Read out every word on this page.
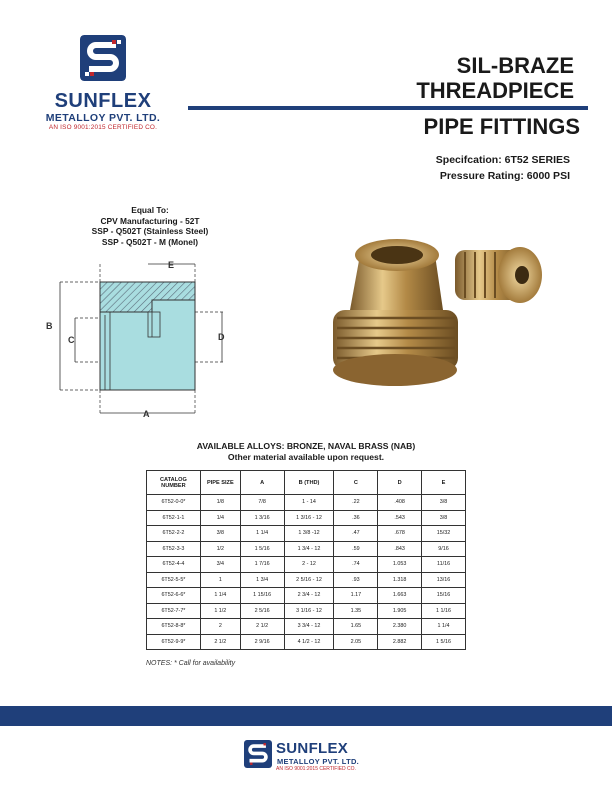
SUNFLEX
METALLOY PVT. LTD.
AN ISO 9001:2015 CERTIFIED CO.
SIL-BRAZE
THREADPIECE
PIPE FITTINGS
Specifcation: 6T52 SERIES
Pressure Rating: 6000 PSI
Equal To:
CPV Manufacturing - 52T
SSP - Q502T (Stainless Steel)
SSP - Q502T - M (Monel)
E
B
C	D
A
AVAILABLE ALLOYS: BRONZE, NAVAL BRASS (NAB)
Other material available upon request.
CATALOG NUMBER	PIPE SIZE	A	B (THD)	C	D	E
6T52-0-0*	1/8	7/8	1 - 14	.22	.408	3/8
6T52-1-1	1/4	1 3/16	1 3/16 - 12	.36	.543	3/8
6T52-2-2	3/8	1 1/4	1 3/8 -12	.47	.678	15/32
6T52-3-3	1/2	1 5/16	1 3/4 - 12	.59	.843	9/16
6T52-4-4	3/4	1 7/16	2 - 12	.74	1.053	11/16
6T52-5-5*	1	1 3/4	2 5/16 - 12	.93	1.318	13/16
6T52-6-6*	1 1/4	1 15/16	2 3/4 - 12	1.17	1.663	15/16
6T52-7-7*	1 1/2	2 5/16	3 1/16 - 12	1.35	1.905	1 1/16
6T52-8-8*	2	2 1/2	3 3/4 - 12	1.65	2.380	1 1/4
6T52-9-9*	2 1/2	2 9/16	4 1/2 - 12	2.05	2.882	1 5/16
NOTES: * Call for availability
SUNFLEX
METALLOY PVT. LTD.
AN ISO 9001:2015 CERTIFIED CO.
